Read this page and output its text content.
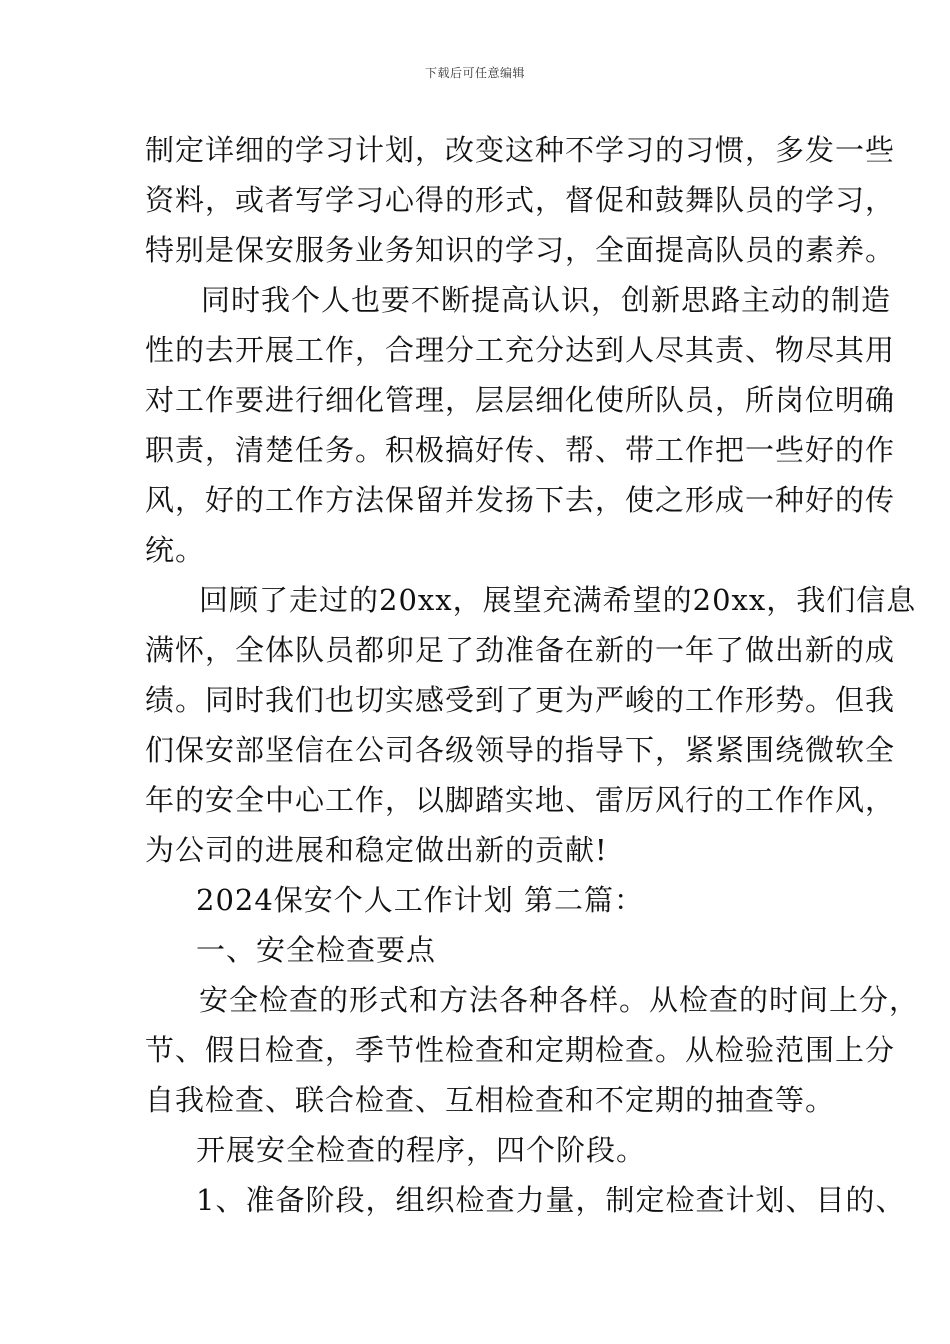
下载后可任意编辑
制定详细的学习计划，改变这种不学习的习惯，多发一些
资料，或者写学习心得的形式，督促和鼓舞队员的学习，
特别是保安服务业务知识的学习，全面提高队员的素养。
同时我个人也要不断提高认识，创新思路主动的制造
性的去开展工作，合理分工充分达到人尽其责、物尽其用
对工作要进行细化管理，层层细化使所队员，所岗位明确
职责，清楚任务。积极搞好传、帮、带工作把一些好的作
风，好的工作方法保留并发扬下去，使之形成一种好的传
统。
回顾了走过的20xx，展望充满希望的20xx，我们信息
满怀，全体队员都卯足了劲准备在新的一年了做出新的成
绩。同时我们也切实感受到了更为严峻的工作形势。但我
们保安部坚信在公司各级领导的指导下，紧紧围绕微软全
年的安全中心工作，以脚踏实地、雷厉风行的工作作风，
为公司的进展和稳定做出新的贡献!
2024保安个人工作计划 第二篇：
一、安全检查要点
安全检查的形式和方法各种各样。从检查的时间上分，
节、假日检查，季节性检查和定期检查。从检验范围上分
自我检查、联合检查、互相检查和不定期的抽查等。
开展安全检查的程序，四个阶段。
1、准备阶段，组织检查力量，制定检查计划、目的、
